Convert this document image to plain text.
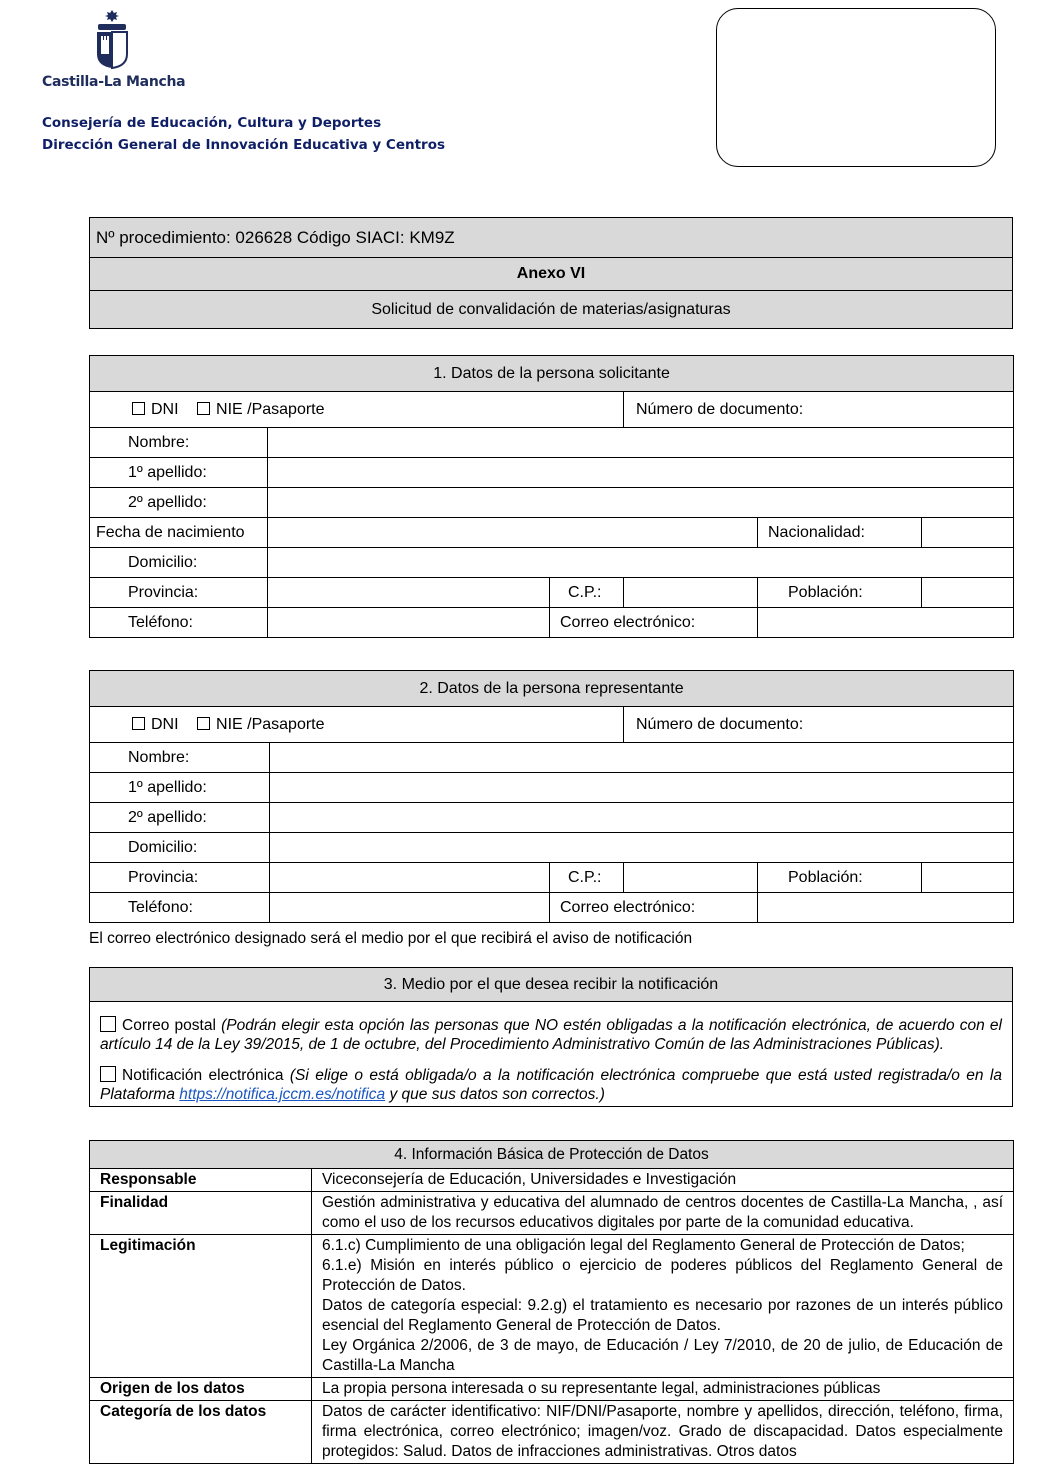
Castilla-La Mancha
Consejería de Educación, Cultura y Deportes
Dirección General de Innovación Educativa y Centros
Nº procedimiento: 026628 Código SIACI: KM9Z
Anexo VI
Solicitud de convalidación de materias/asignaturas
1. Datos de la persona solicitante					
DNI NIE /Pasaporte			Número de documento:		
Nombre:					
1º apellido:					
2º apellido:					
Fecha de nacimiento				Nacionalidad:	
Domicilio:					
Provincia:		C.P.:		Población:	
Teléfono:		Correo electrónico:			
2. Datos de la persona representante					
DNI NIE /Pasaporte			Número de documento:		
Nombre:					
1º apellido:					
2º apellido:					
Domicilio:					
Provincia:		C.P.:		Población:	
Teléfono:		Correo electrónico:			
El correo electrónico designado será el medio por el que recibirá el aviso de notificación
3. Medio por el que desea recibir la notificación
Correo postal (Podrán elegir esta opción las personas que NO estén obligadas a la notificación electrónica, de acuerdo con el artículo 14 de la Ley 39/2015, de 1 de octubre, del Procedimiento Administrativo Común de las Administraciones Públicas).
Notificación electrónica (Si elige o está obligada/o a la notificación electrónica compruebe que está usted registrada/o en la Plataforma https://notifica.jccm.es/notifica y que sus datos son correctos.)
4. Información Básica de Protección de Datos	
Responsable	Viceconsejería de Educación, Universidades e Investigación
Finalidad	Gestión administrativa y educativa del alumnado de centros docentes de Castilla-La Mancha, , así como el uso de los recursos educativos digitales por parte de la comunidad educativa.
Legitimación	6.1.c) Cumplimiento de una obligación legal del Reglamento General de Protección de Datos;
6.1.e) Misión en interés público o ejercicio de poderes públicos del Reglamento General de Protección de Datos.
Datos de categoría especial: 9.2.g) el tratamiento es necesario por razones de un interés público esencial del Reglamento General de Protección de Datos.
Ley Orgánica 2/2006, de 3 de mayo, de Educación / Ley 7/2010, de 20 de julio, de Educación de Castilla-La Mancha

Origen de los datos	La propia persona interesada o su representante legal, administraciones públicas
Categoría de los datos	Datos de carácter identificativo: NIF/DNI/Pasaporte, nombre y apellidos, dirección, teléfono, firma, firma electrónica, correo electrónico; imagen/voz. Grado de discapacidad. Datos especialmente protegidos: Salud. Datos de infracciones administrativas. Otros datos
